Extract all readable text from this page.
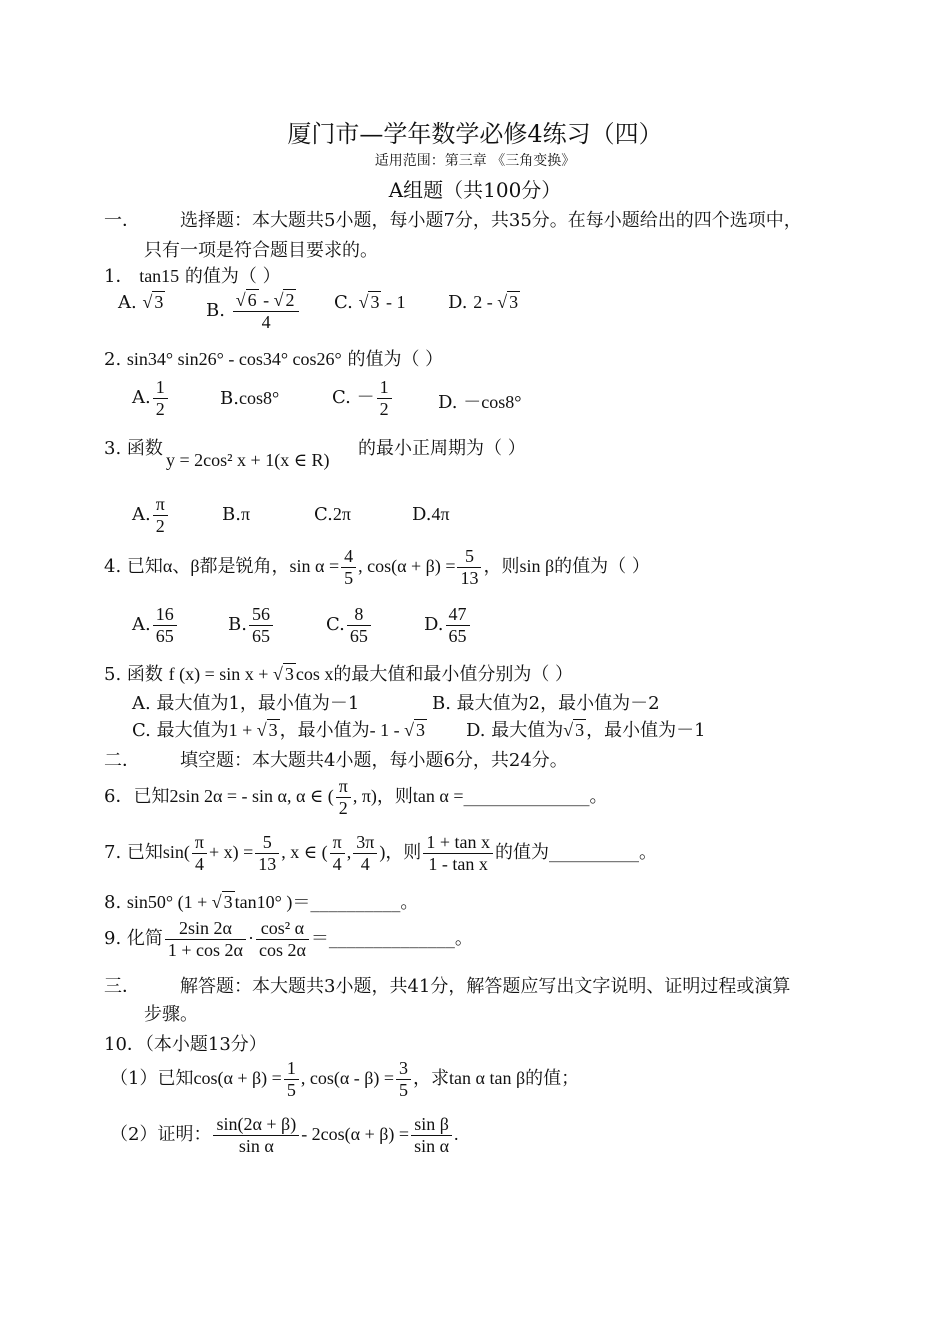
厦门市—学年数学必修4练习（四）
适用范围：第三章 《三角变换》
A组题（共100分）
一． 选择题：本大题共5小题，每小题7分，共35分。在每小题给出的四个选项中，
只有一项是符合题目要求的。
1． tan15 的值为（ ）
A. √ 3 B. $\frac{√ 6 - √ 2}{4} C$. √ 3 - 1 D. 2 - √ 3
2. sin34° sin26° - cos34° cos26° 的值为（ ）
A. $\frac{1}{2}$	B.cos8°	C. － $\frac{1}{2}$	D. －cos8°
3. 函数
y = 2cos² x + 1(x ∈ R)
的最小正周期为（ ）
A. $\frac{\pi}{2}$	B.π	C.2π	D.4π
4. 已知α、β都是锐角，$\sin \alpha = \frac{4}{5}$ , $\cos(\alpha + \beta) = \frac{5}{13}$ ，则sin β的值为（ ）
A. $\frac{16}{65}$	B. $\frac{56}{65}$	C. $\frac{8}{65}$	D. $\frac{47}{65}$
5. 函数 f (x) = sin x + √ 3 cos x的最大值和最小值分别为（ ）
A. 最大值为1，最小值为－1	B. 最大值为2，最小值为－2
C. 最大值为1 + √ 3 ，最小值为- 1 - √ 3 D. 最大值为√ 3 ，最小值为－1
二． 填空题：本大题共4小题，每小题6分，共24分。
6．已知2sin 2α = - sin α, α ∈ ( $\frac{\pi}{2}$ , π)，则tan α =______________。
7. 已知$\sin( \frac{\pi}{4} + x) = \frac{5}{13}$ , x ∈ ( $\frac{\pi}{4}$ , $\frac{3\pi}{4}$ )，则 $\frac{\text{1 + tan x}}{\text{1 - tan x}}$ 的值为__________。
8. sin50° (1 + √ 3 tan10° )＝__________。
9. 化简 $\frac{2\sin 2\alpha}{1 + \cos 2\alpha} \cdot \frac{\text{cos² α}}{\cos 2\alpha}$ ＝______________。
三． 解答题：本大题共3小题，共41分，解答题应写出文字说明、证明过程或演算
步骤。
10．（本小题13分）
（1）已知$\cos(\alpha + \beta) = \frac{1}{5}$ , $\cos(\alpha - \beta) = \frac{3}{5}$ ，求tan α tan β的值；
（2）证明： $\frac{\sin(2\alpha + \beta)}{\text{sin α}} - 2\cos(\alpha + \beta) = \frac{\text{sin β}}{\text{sin α}}$ .
